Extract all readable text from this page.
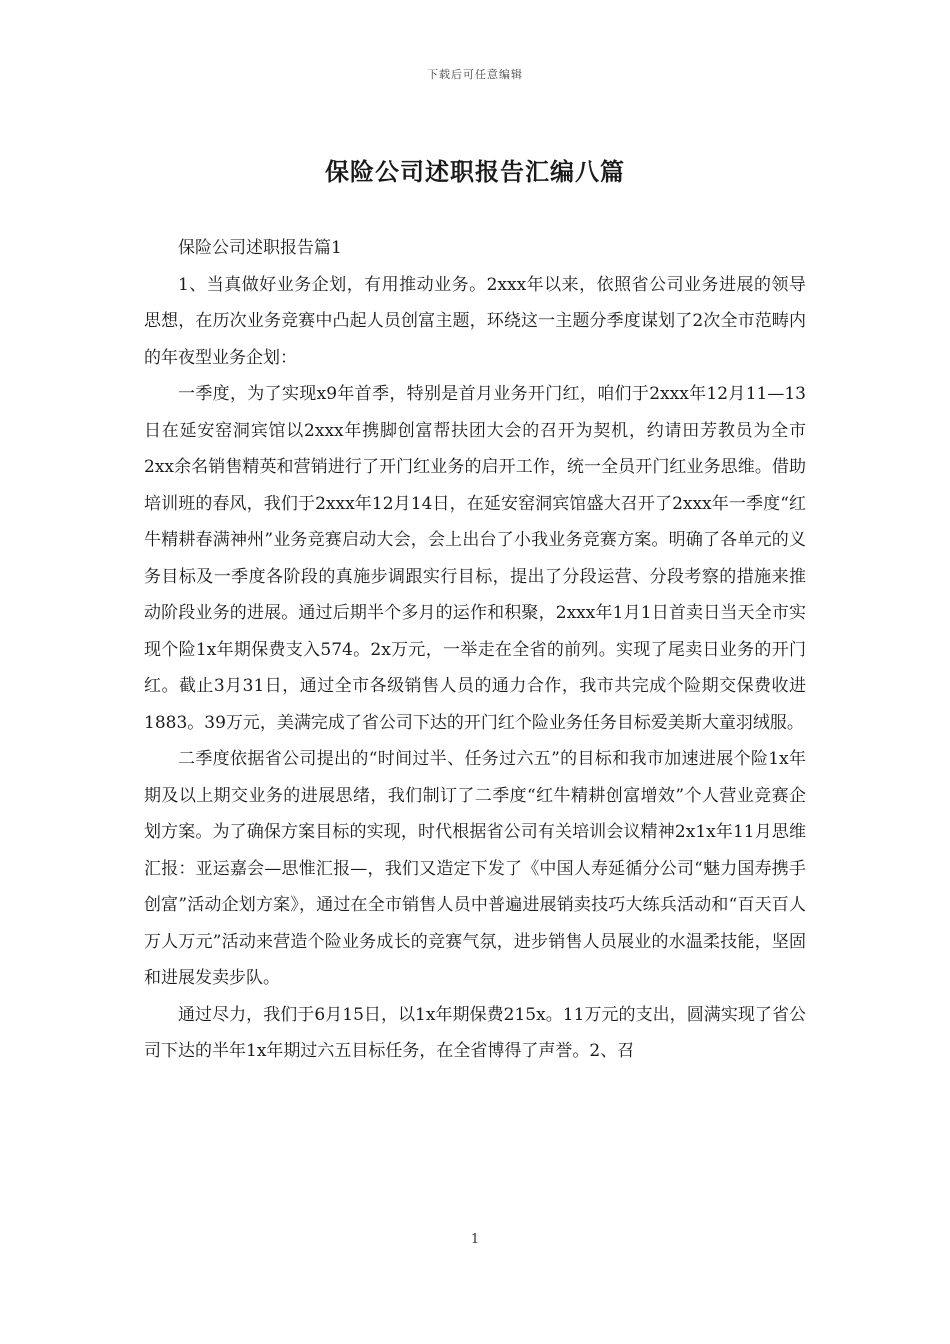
下载后可任意编辑
保险公司述职报告汇编八篇

保险公司述职报告篇1

1、当真做好业务企划，有用推动业务。2xxx年以来，依照省公司业务进展的领导思想，在历次业务竞赛中凸起人员创富主题，环绕这一主题分季度谋划了2次全市范畴内的年夜型业务企划：

一季度，为了实现x9年首季，特别是首月业务开门红，咱们于2xxx年12月11—13日在延安窑洞宾馆以2xxx年携脚创富帮扶团大会的召开为契机，约请田芳教员为全市2xx余名销售精英和营销进行了开门红业务的启开工作，统一全员开门红业务思维。借助培训班的春风，我们于2xxx年12月14日，在延安窑洞宾馆盛大召开了2xxx年一季度“红牛精耕春满神州”业务竞赛启动大会，会上出台了小我业务竞赛方案。明确了各单元的义务目标及一季度各阶段的真施步调跟实行目标，提出了分段运营、分段考察的措施来推动阶段业务的进展。通过后期半个多月的运作和积聚，2xxx年1月1日首卖日当天全市实现个险1x年期保费支入574。2x万元，一举走在全省的前列。实现了尾卖日业务的开门红。截止3月31日，通过全市各级销售人员的通力合作，我市共完成个险期交保费收进1883。39万元，美满完成了省公司下达的开门红个险业务任务目标爱美斯大童羽绒服。

二季度依据省公司提出的“时间过半、任务过六五”的目标和我市加速进展个险1x年期及以上期交业务的进展思绪，我们制订了二季度“红牛精耕创富增效”个人营业竞赛企划方案。为了确保方案目标的实现，时代根据省公司有关培训会议精神2x1x年11月思维汇报：亚运嘉会—思惟汇报—，我们又造定下发了《中国人寿延循分公司“魅力国寿携手创富”活动企划方案》，通过在全市销售人员中普遍进展销卖技巧大练兵活动和“百天百人万人万元”活动来营造个险业务成长的竞赛气氛，进步销售人员展业的水温柔技能，坚固和进展发卖步队。

通过尽力，我们于6月15日，以1x年期保费215x。11万元的支出，圆满实现了省公司下达的半年1x年期过六五目标任务，在全省博得了声誉。2、召

1
